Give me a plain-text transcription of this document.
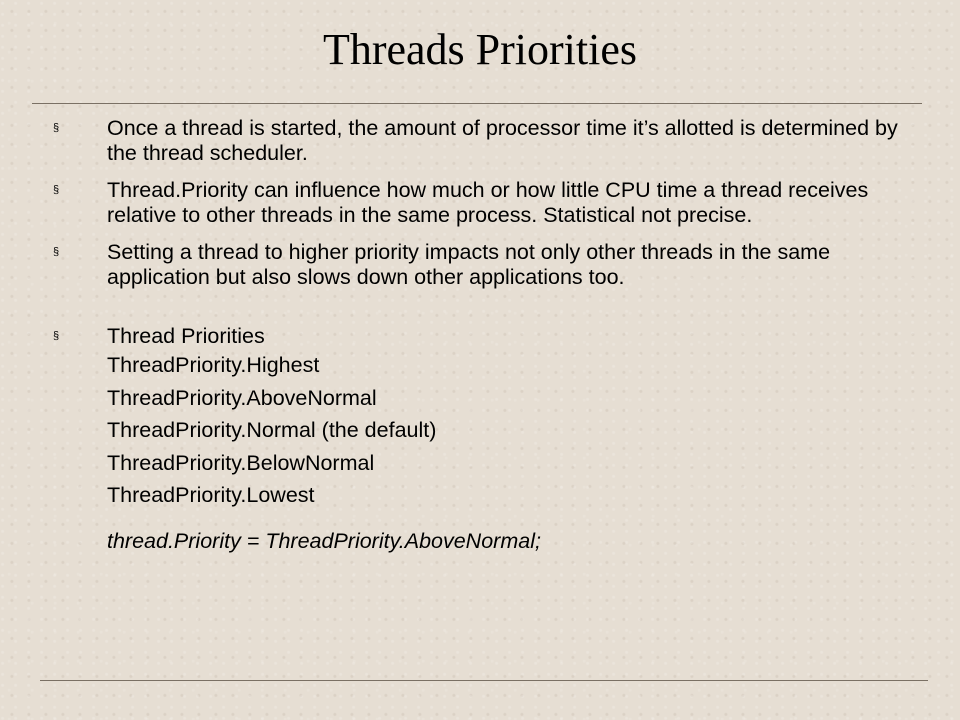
Threads Priorities
§ Once a thread is started, the amount of processor time it’s allotted is determined by the thread scheduler.
§ Thread.Priority can influence how much or how little CPU time a thread receives relative to other threads in the same process. Statistical not precise.
§ Setting a thread to higher priority impacts not only other threads in the same application but also slows down other applications too.
§ Thread Priorities
ThreadPriority.Highest
ThreadPriority.AboveNormal
ThreadPriority.Normal (the default)
ThreadPriority.BelowNormal
ThreadPriority.Lowest
thread.Priority = ThreadPriority.AboveNormal;
